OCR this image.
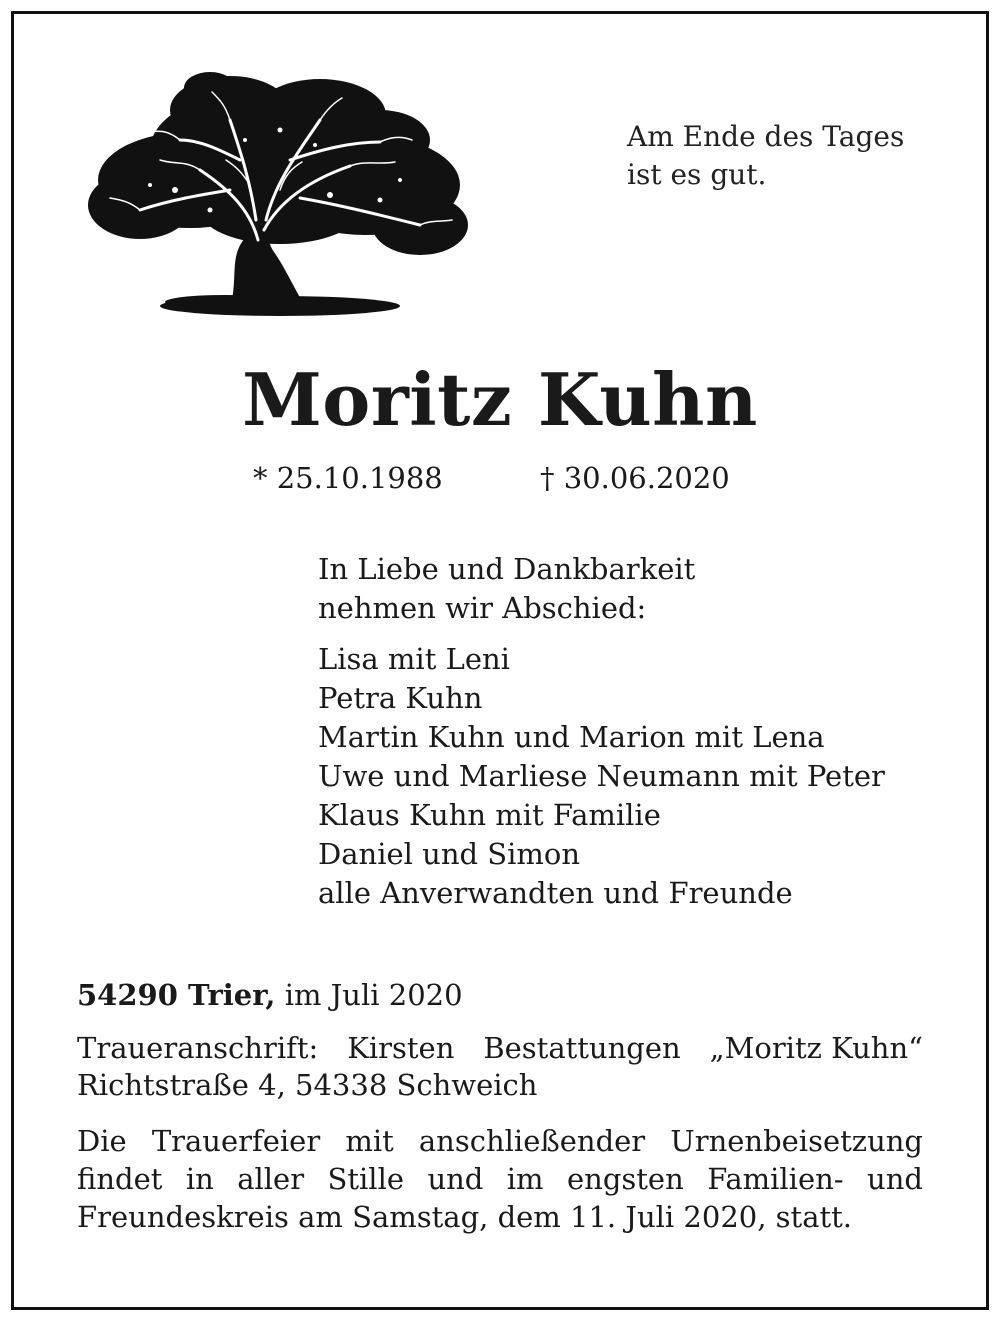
Am Ende des Tages
ist es gut.
Moritz Kuhn
* 25.10.1988	† 30.06.2020
In Liebe und Dankbarkeit
nehmen wir Abschied:
Lisa mit Leni
Petra Kuhn
Martin Kuhn und Marion mit Lena
Uwe und Marliese Neumann mit Peter
Klaus Kuhn mit Familie
Daniel und Simon
alle Anverwandten und Freunde
54290 Trier, im Juli 2020
Traueranschrift: Kirsten Bestattungen „Moritz Kuhn“
Richtstraße 4, 54338 Schweich
Die Trauerfeier mit anschließender Urnenbeisetzung
findet in aller Stille und im engsten Familien- und
Freundeskreis am Samstag, dem 11. Juli 2020, statt.
